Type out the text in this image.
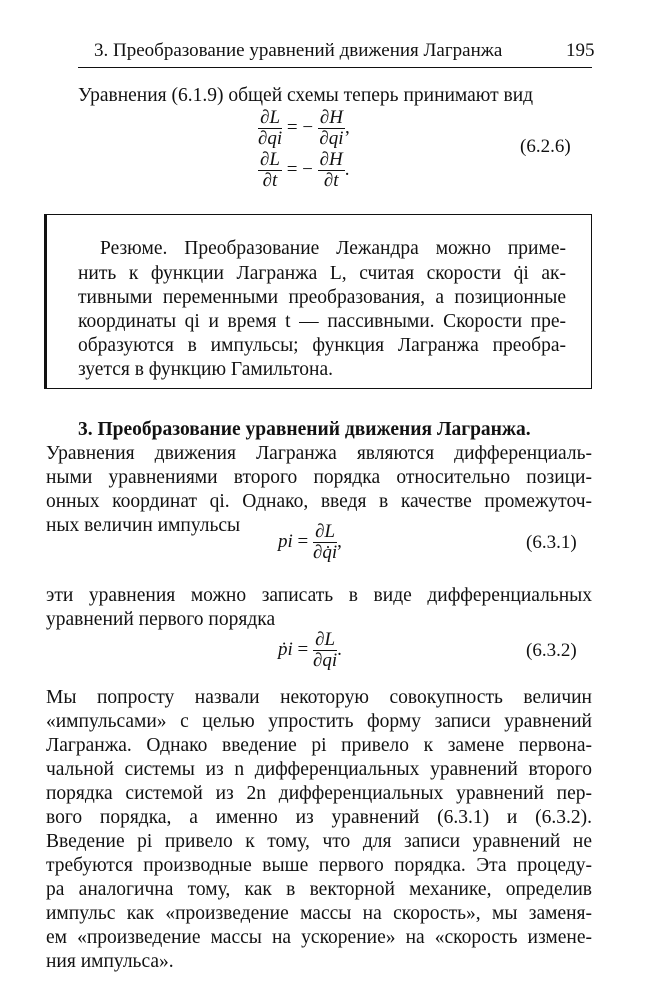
3. Преобразование уравнений движения Лагранжа	195
Уравнения (6.1.9) общей схемы теперь принимают вид
$\frac{\partial L}{\partial qi}$ = − $\frac{\partial H}{\partial qi}$ ,
$\frac{\partial L}{\partial t}$ = − $\frac{\partial H}{\partial t}$ .
(6.2.6)
Резюме. Преобразование Лежандра можно приме-
нить к функции Лагранжа L, считая скорости q̇i ак-
тивными переменными преобразования, а позиционные
координаты qi и время t — пассивными. Скорости пре-
образуются в импульсы; функция Лагранжа преобра-
зуется в функцию Гамильтона.
3. Преобразование уравнений движения Лагранжа.
Уравнения движения Лагранжа являются дифференциаль-
ными уравнениями второго порядка относительно позици-
онных координат qi. Однако, введя в качестве промежуточ-
ных величин импульсы
pi = $\frac{\partial L}{\partial q̇i}$ ,	(6.3.1)
эти уравнения можно записать в виде дифференциальных
уравнений первого порядка
ṗi = $\frac{\partial L}{\partial qi}$ .	(6.3.2)
Мы попросту назвали некоторую совокупность величин
«импульсами» с целью упростить форму записи уравнений
Лагранжа. Однако введение pi привело к замене первона-
чальной системы из n дифференциальных уравнений второго
порядка системой из 2n дифференциальных уравнений пер-
вого порядка, а именно из уравнений (6.3.1) и (6.3.2).
Введение pi привело к тому, что для записи уравнений не
требуются производные выше первого порядка. Эта процеду-
ра аналогична тому, как в векторной механике, определив
импульс как «произведение массы на скорость», мы заменя-
ем «произведение массы на ускорение» на «скорость измене-
ния импульса».
